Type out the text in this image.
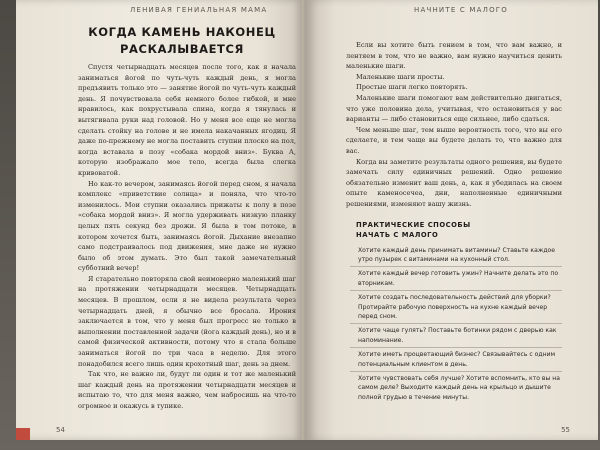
ЛЕНИВАЯ ГЕНИАЛЬНАЯ МАМА
КОГДА КАМЕНЬ НАКОНЕЦ
РАСКАЛЫВАЕТСЯ

Спустя четырнадцать месяцев после того, как я начала заниматься йогой по чуть-чуть каждый день, я могла предъявить только это — занятие йогой по чуть-чуть каждый день. Я почувствовала себя немного более гибкой, и мне нравилось, как похрустывала спина, когда я тянулась и вытягивала руки над головой. Но у меня все еще не могла сделать стойку на голове и не имела накачанных ягодиц. Я даже по-прежнему не могла поставить ступни плоско на пол, когда вставала в позу «собака мордой вниз». Буква А, которую изображало мое тело, всегда была слегка кривоватой.

Но как-то вечером, занимаясь йогой перед сном, я начала комплекс «приветствие солнца» и поняла, что что-то изменилось. Мои ступни оказались прижаты к полу в позе «собака мордой вниз». Я могла удерживать низкую планку целых пять секунд без дрожи. Я была в том потоке, в котором хочется быть, занимаясь йогой. Дыхание внезапно само подстраивалось под движения, мне даже не нужно было об этом думать. Это был такой замечательный субботний вечер!

Я старательно повторяла свой неимоверно маленький шаг на протяжении четырнадцати месяцев. Четырнадцать месяцев. В прошлом, если я не видела результата через четырнадцать дней, я обычно все бросала. Ирония заключается в том, что у меня был прогресс не только в выполнении поставленной задачи (йога каждый день), но и в самой физической активности, потому что я стала больше заниматься йогой по три часа в неделю. Для этого понадобился всего лишь один крохотный шаг, день за днем.

Так что, не важно ли, будут ли один и тот же маленький шаг каждый день на протяжении четырнадцати месяцев и испытаю то, что для меня важно, чем набросишь на что-то огромное и окажусь в тупике.

54
НАЧНИТЕ С МАЛОГО

Если вы хотите быть гением в том, что вам важно, и лентяем в том, что не важно, вам нужно научиться ценить маленькие шаги.

Маленькие шаги просты.

Простые шаги легко повторять.

Маленькие шаги помогают вам действительно двигаться, что уже половина дела, учитывая, что остановиться у вас варианты — либо становиться еще сильнее, либо сдаться.

Чем меньше шаг, тем выше вероятность того, что вы его сделаете, и тем чаще вы будете делать то, что важно для вас.

Когда вы заметите результаты одного решения, вы будете замечать силу единичных решений. Одно решение обязательно изменит ваш день, а, как я убедилась на своем опыте каменосечеа, дни, наполненные единичными решениями, изменяют вашу жизнь.

ПРАКТИЧЕСКИЕ СПОСОБЫ
НАЧАТЬ С МАЛОГО
Хотите каждый день принимать витамины? Ставьте каждое утро пузырек с витаминами на кухонный стол.
Хотите каждый вечер готовить ужин? Начните делать это по вторникам.
Хотите создать последовательность действий для уборки? Протирайте рабочую поверхность на кухне каждый вечер перед сном.
Хотите чаще гулять? Поставьте ботинки рядом с дверью как напоминание.
Хотите иметь процветающий бизнес? Связывайтесь с одним потенциальным клиентом в день.
Хотите чувствовать себя лучше? Хотите вспомнить, кто вы на самом деле? Выходите каждый день на крыльцо и дышите полной грудью в течение минуты.
55
